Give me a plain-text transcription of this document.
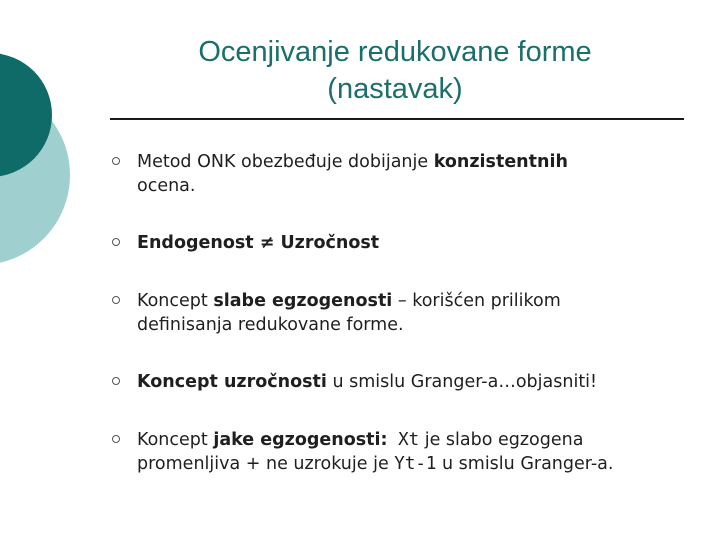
Ocenjivanje redukovane forme
(nastavak)
Metod ONK obezbeđuje dobijanje konzistentnih
ocena.
Endogenost ≠ Uzročnost
Koncept slabe egzogenosti – korišćen prilikom
definisanja redukovane forme.
Koncept uzročnosti u smislu Granger-a…objasniti!
Koncept jake egzogenosti: Xt je slabo egzogena
promenljiva + ne uzrokuje je Yt-1 u smislu Granger-a.
